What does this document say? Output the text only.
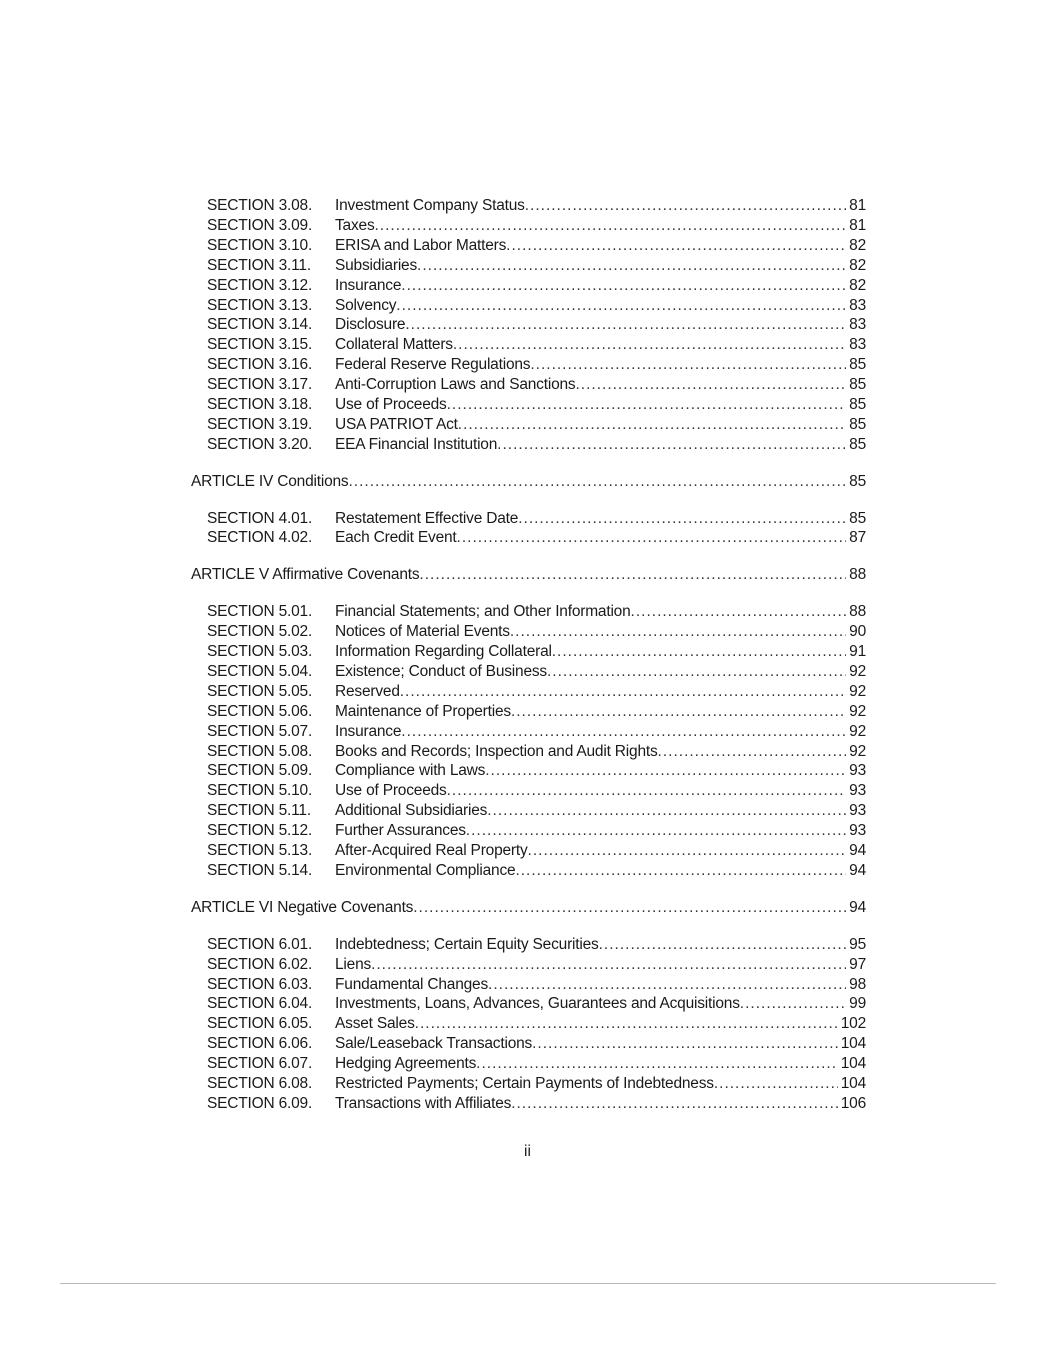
SECTION 3.08. Investment Company Status .....	81
SECTION 3.09. Taxes .....	81
SECTION 3.10. ERISA and Labor Matters .....	82
SECTION 3.11. Subsidiaries .....	82
SECTION 3.12. Insurance .....	82
SECTION 3.13. Solvency .....	83
SECTION 3.14. Disclosure .....	83
SECTION 3.15. Collateral Matters .....	83
SECTION 3.16. Federal Reserve Regulations .....	85
SECTION 3.17. Anti-Corruption Laws and Sanctions .....	85
SECTION 3.18. Use of Proceeds .....	85
SECTION 3.19. USA PATRIOT Act .....	85
SECTION 3.20. EEA Financial Institution .....	85
ARTICLE IV Conditions .....	85
SECTION 4.01. Restatement Effective Date .....	85
SECTION 4.02. Each Credit Event .....	87
ARTICLE V Affirmative Covenants .....	88
SECTION 5.01. Financial Statements; and Other Information .....	88
SECTION 5.02. Notices of Material Events .....	90
SECTION 5.03. Information Regarding Collateral .....	91
SECTION 5.04. Existence; Conduct of Business .....	92
SECTION 5.05. Reserved .....	92
SECTION 5.06. Maintenance of Properties .....	92
SECTION 5.07. Insurance .....	92
SECTION 5.08. Books and Records; Inspection and Audit Rights .....	92
SECTION 5.09. Compliance with Laws .....	93
SECTION 5.10. Use of Proceeds .....	93
SECTION 5.11. Additional Subsidiaries .....	93
SECTION 5.12. Further Assurances .....	93
SECTION 5.13. After-Acquired Real Property .....	94
SECTION 5.14. Environmental Compliance .....	94
ARTICLE VI Negative Covenants .....	94
SECTION 6.01. Indebtedness; Certain Equity Securities .....	95
SECTION 6.02. Liens .....	97
SECTION 6.03. Fundamental Changes .....	98
SECTION 6.04. Investments, Loans, Advances, Guarantees and Acquisitions .....	99
SECTION 6.05. Asset Sales .....	102
SECTION 6.06. Sale/Leaseback Transactions .....	104
SECTION 6.07. Hedging Agreements .....	104
SECTION 6.08. Restricted Payments; Certain Payments of Indebtedness .....	104
SECTION 6.09. Transactions with Affiliates .....	106
ii
